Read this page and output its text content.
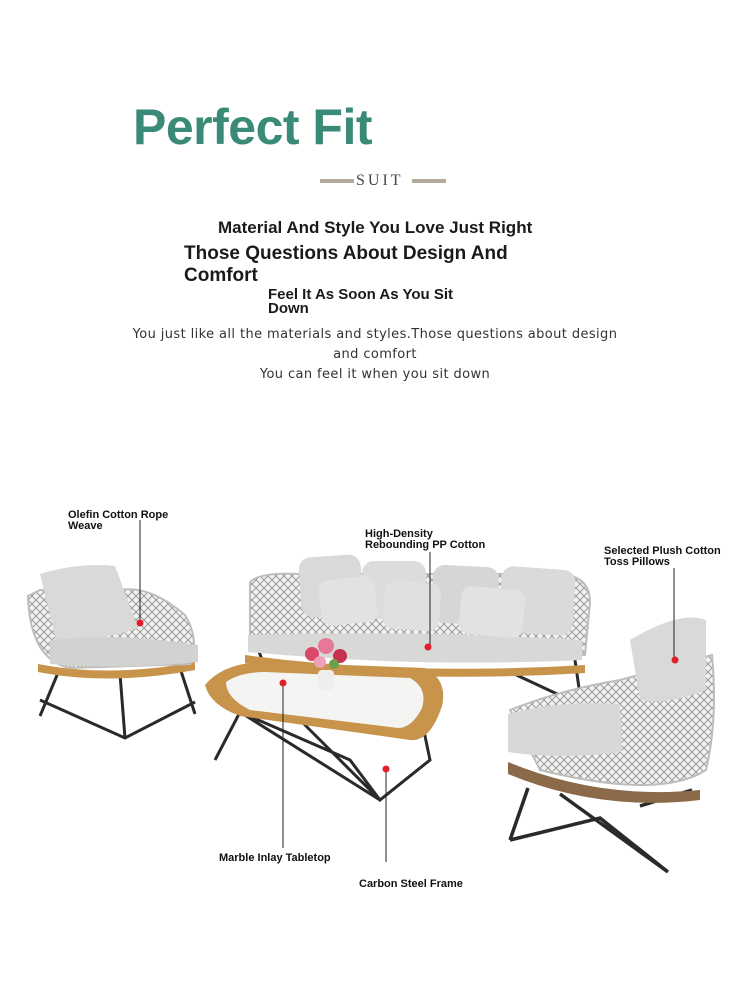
Perfect Fit
SUIT
Material And Style You Love Just Right
Those Questions About Design And Comfort
Feel It As Soon As You Sit Down
You just like all the materials and styles.Those questions about design
and comfort
You can feel it when you sit down
Olefin Cotton Rope Weave
High-Density Rebounding PP Cotton	Selected Plush Cotton Toss Pillows
Marble Inlay Tabletop
Carbon Steel Frame
